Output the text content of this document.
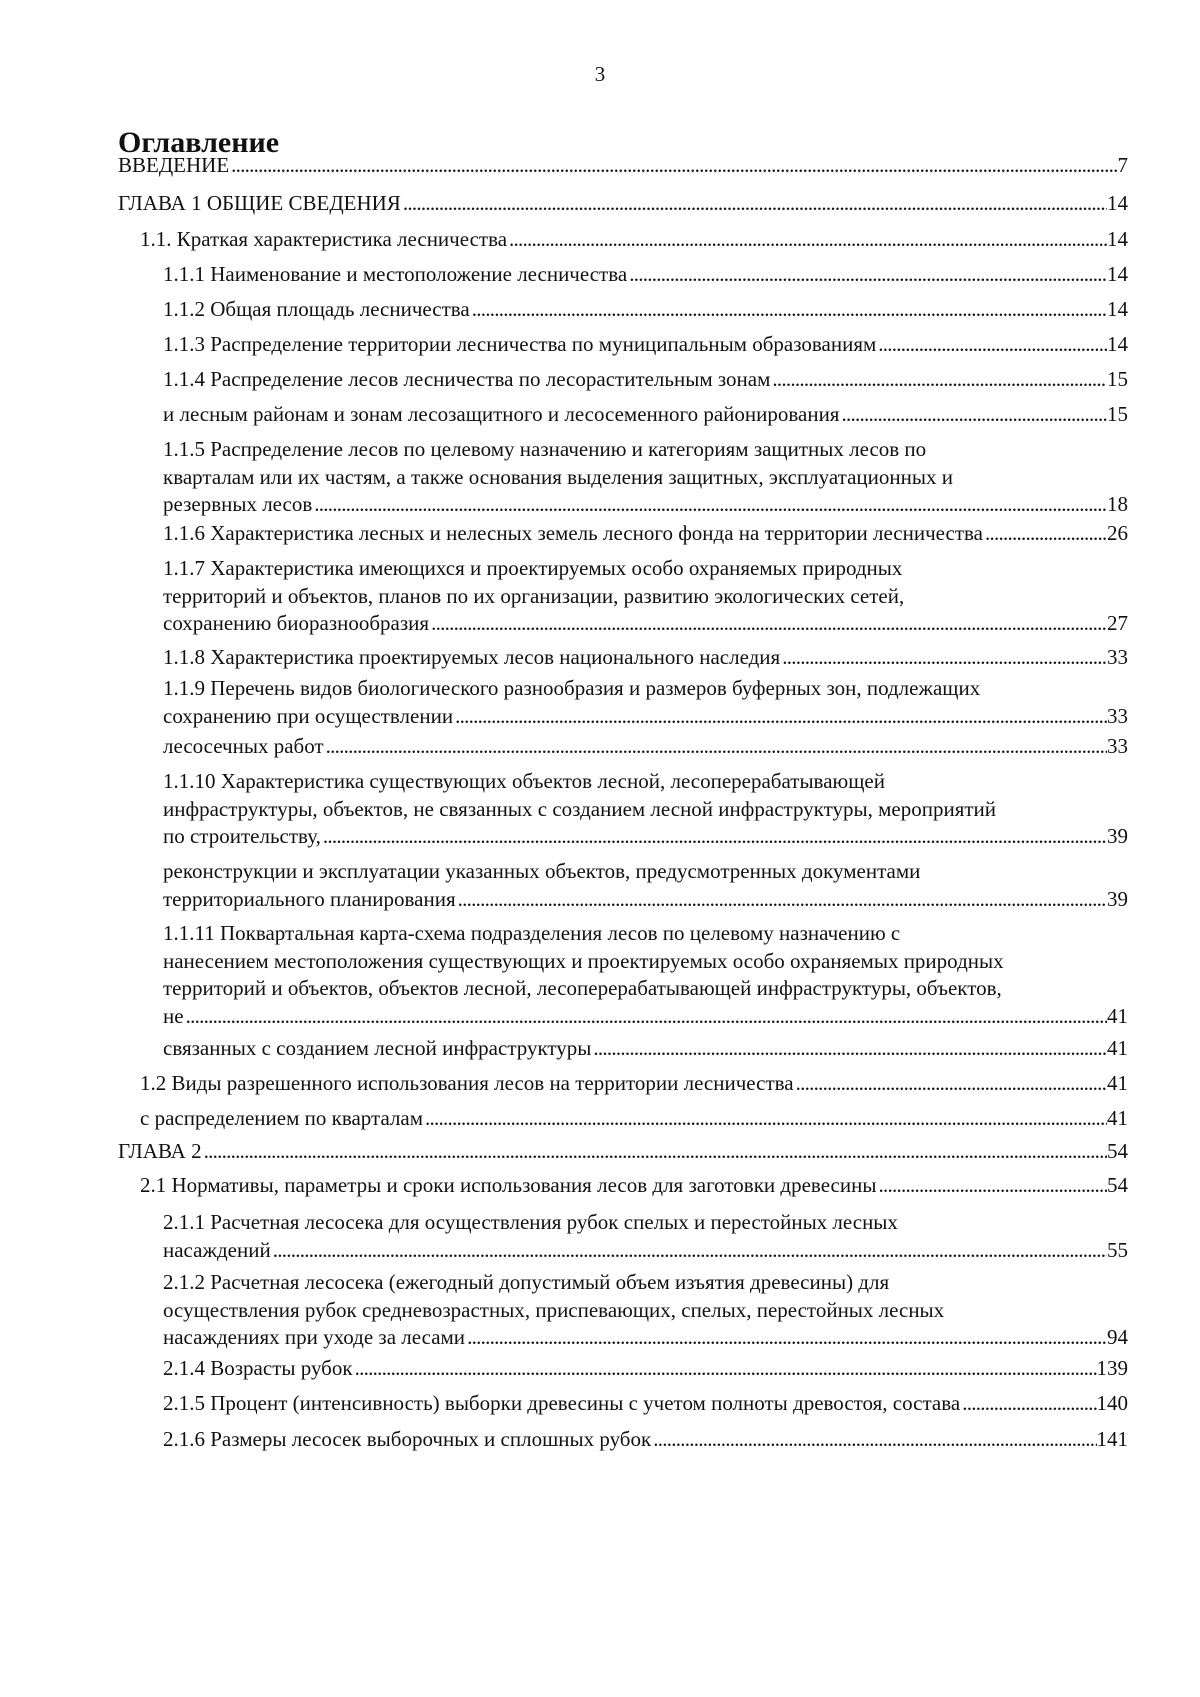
3
Оглавление
ВВЕДЕНИЕ . . .	7
ГЛАВА 1 ОБЩИЕ СВЕДЕНИЯ . . .	14
1.1. Краткая характеристика лесничества . . .	14
1.1.1 Наименование и местоположение лесничества . . .	14
1.1.2 Общая площадь лесничества . . .	14
1.1.3 Распределение территории лесничества по муниципальным образованиям . . .	14
1.1.4 Распределение лесов лесничества по лесорастительным зонам . . .	15
и лесным районам и зонам лесозащитного и лесосеменного районирования . . .	15
1.1.5 Распределение лесов по целевому назначению и категориям защитных лесов по
кварталам или их частям, а также основания выделения защитных, эксплуатационных и
резервных лесов . . .	18
1.1.6 Характеристика лесных и нелесных земель лесного фонда на территории лесничества . . .	26
1.1.7 Характеристика имеющихся и проектируемых особо охраняемых природных
территорий и объектов, планов по их организации, развитию экологических сетей,
сохранению биоразнообразия . . .	27
1.1.8 Характеристика проектируемых лесов национального наследия . . .	33
1.1.9 Перечень видов биологического разнообразия и размеров буферных зон, подлежащих
сохранению при осуществлении . . .	33
лесосечных работ . . .	33
1.1.10 Характеристика существующих объектов лесной, лесоперерабатывающей
инфраструктуры, объектов, не связанных с созданием лесной инфраструктуры, мероприятий
по строительству, . . .	39
реконструкции и эксплуатации указанных объектов, предусмотренных документами
территориального планирования . . .	39
1.1.11 Поквартальная карта-схема подразделения лесов по целевому назначению с
нанесением местоположения существующих и проектируемых особо охраняемых природных
территорий и объектов, объектов лесной, лесоперерабатывающей инфраструктуры, объектов,
не . . .	41
связанных с созданием лесной инфраструктуры . . .	41
1.2 Виды разрешенного использования лесов на территории лесничества . . .	41
с распределением по кварталам . . .	41
ГЛАВА 2 . . .	54
2.1 Нормативы, параметры и сроки использования лесов для заготовки древесины . . .	54
2.1.1 Расчетная лесосека для осуществления рубок спелых и перестойных лесных
насаждений . . .	55
2.1.2 Расчетная лесосека (ежегодный допустимый объем изъятия древесины) для
осуществления рубок средневозрастных, приспевающих, спелых, перестойных лесных
насаждениях при уходе за лесами . . .	94
2.1.4 Возрасты рубок . . .	139
2.1.5 Процент (интенсивность) выборки древесины с учетом полноты древостоя, состава . . .	140
2.1.6 Размеры лесосек выборочных и сплошных рубок . . .	141
